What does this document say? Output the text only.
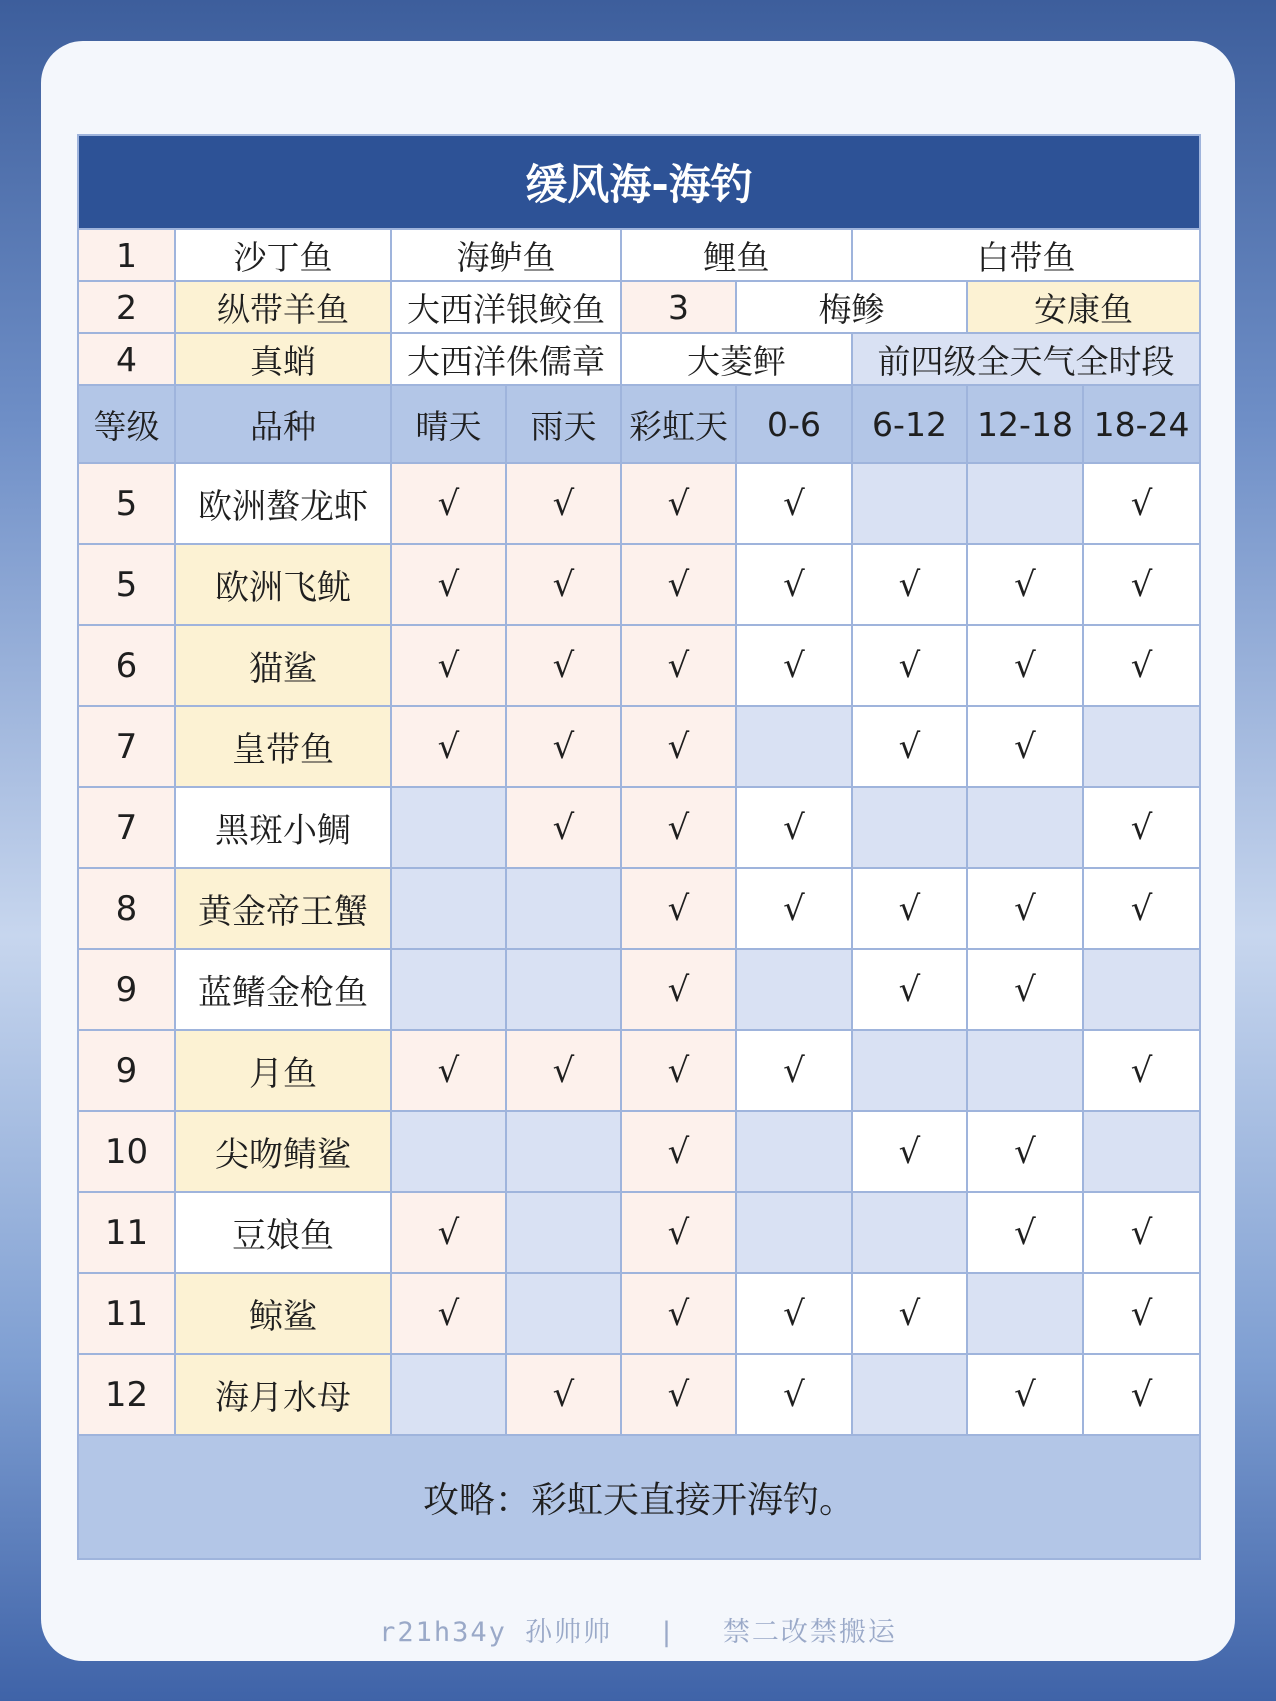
缓风海-海钓								
1	沙丁鱼	海鲈鱼		鲤鱼		白带鱼		
2	纵带羊鱼	大西洋银鲛鱼		3	梅鲹		安康鱼	
4	真蛸	大西洋侏儒章		大菱鲆		前四级全天气全时段		
等级	品种	晴天	雨天	彩虹天	0-6	6-12	12-18	18-24
5	欧洲螯龙虾	√	√	√	√			√
5	欧洲飞鱿	√	√	√	√	√	√	√
6	猫鲨	√	√	√	√	√	√	√
7	皇带鱼	√	√	√		√	√	
7	黑斑小鲷		√	√	√			√
8	黄金帝王蟹			√	√	√	√	√
9	蓝鳍金枪鱼			√		√	√	
9	月鱼	√	√	√	√			√
10	尖吻鲭鲨			√		√	√	
11	豆娘鱼	√		√			√	√
11	鲸鲨	√		√	√	√		√
12	海月水母		√	√	√		√	√
攻略：彩虹天直接开海钓。								
r21h34y 孙帅帅 | 禁二改禁搬运
